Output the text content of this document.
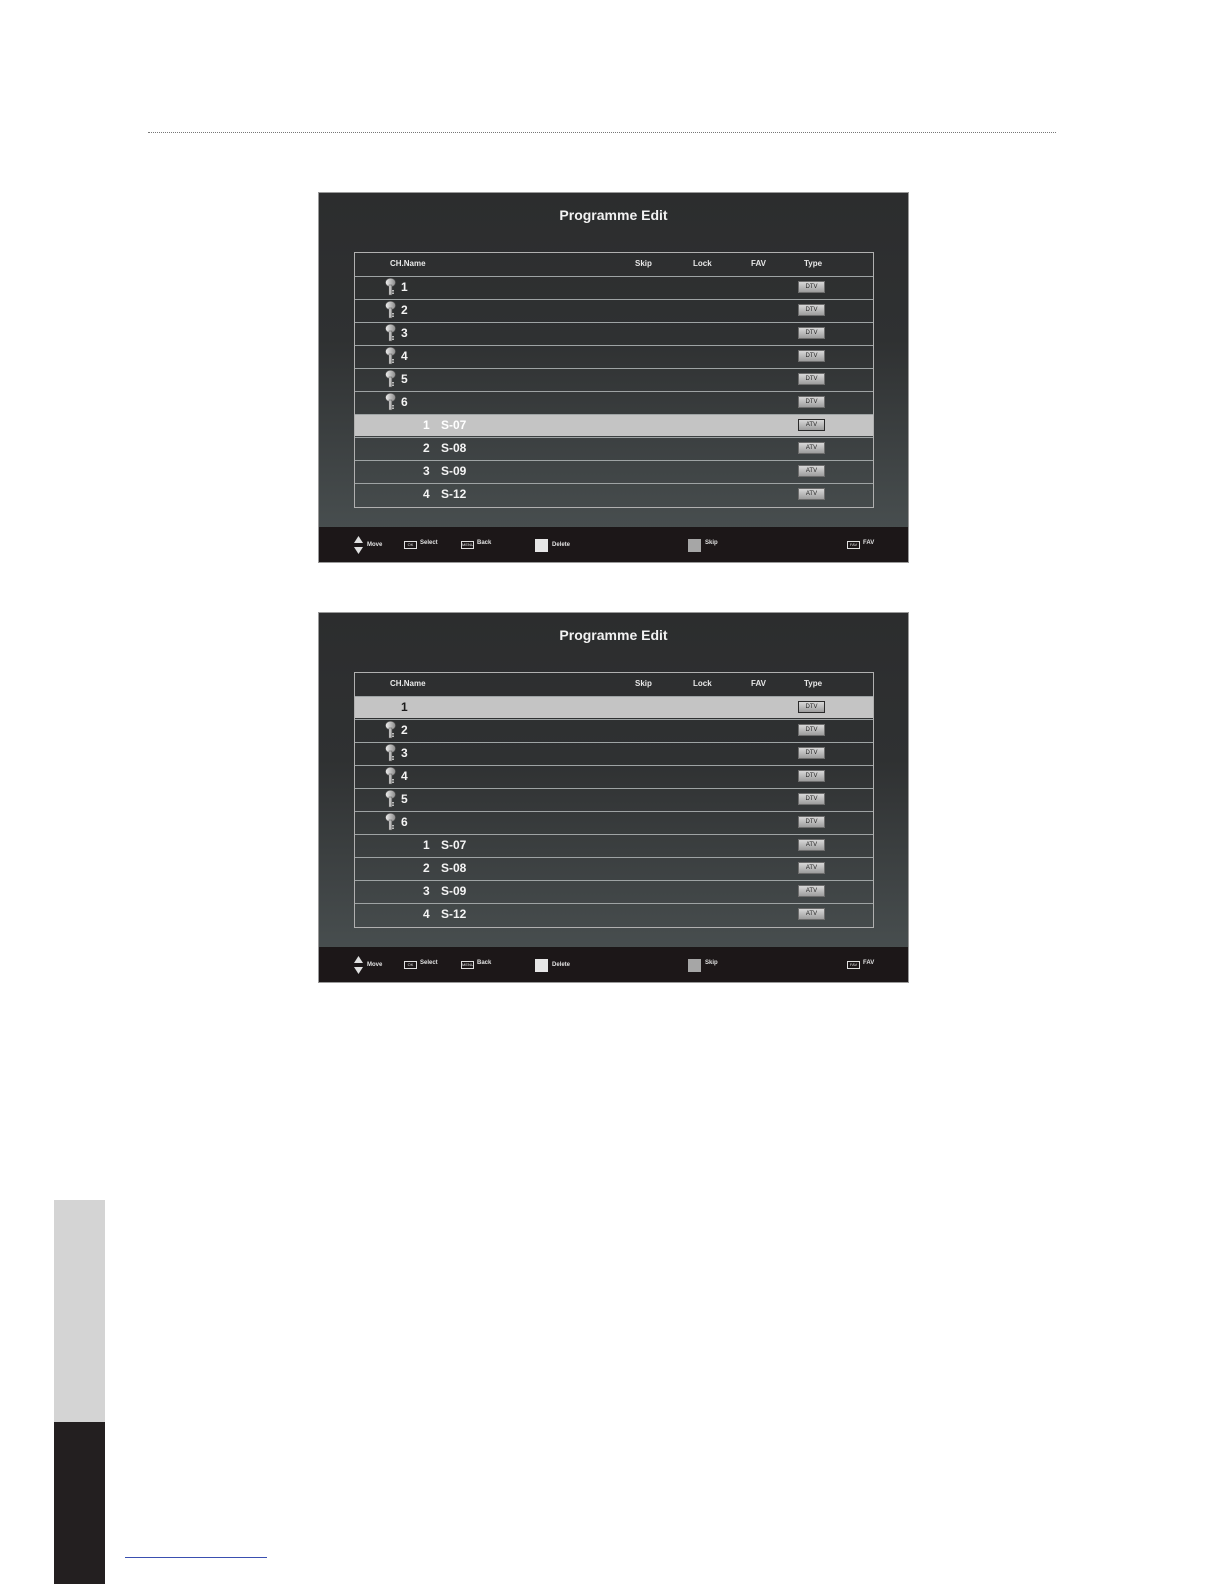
Programme Edit
CH.Name	Skip	Lock	FAV	Type
1	DTV
2	DTV
3	DTV
4	DTV
5	DTV
6	DTV
1 S-07	ATV
2 S-08	ATV
3 S-09	ATV
4 S-12	ATV
Move	OK	Select	MENU Back	Delete	Skip	FAV FAV
Programme Edit
CH.Name	Skip	Lock	FAV	Type
1	DTV
2	DTV
3	DTV
4	DTV
5	DTV
6	DTV
1 S-07	ATV
2 S-08	ATV
3 S-09	ATV
4 S-12	ATV
Move	OK	Select	MENU Back	Delete	Skip	FAV FAV
